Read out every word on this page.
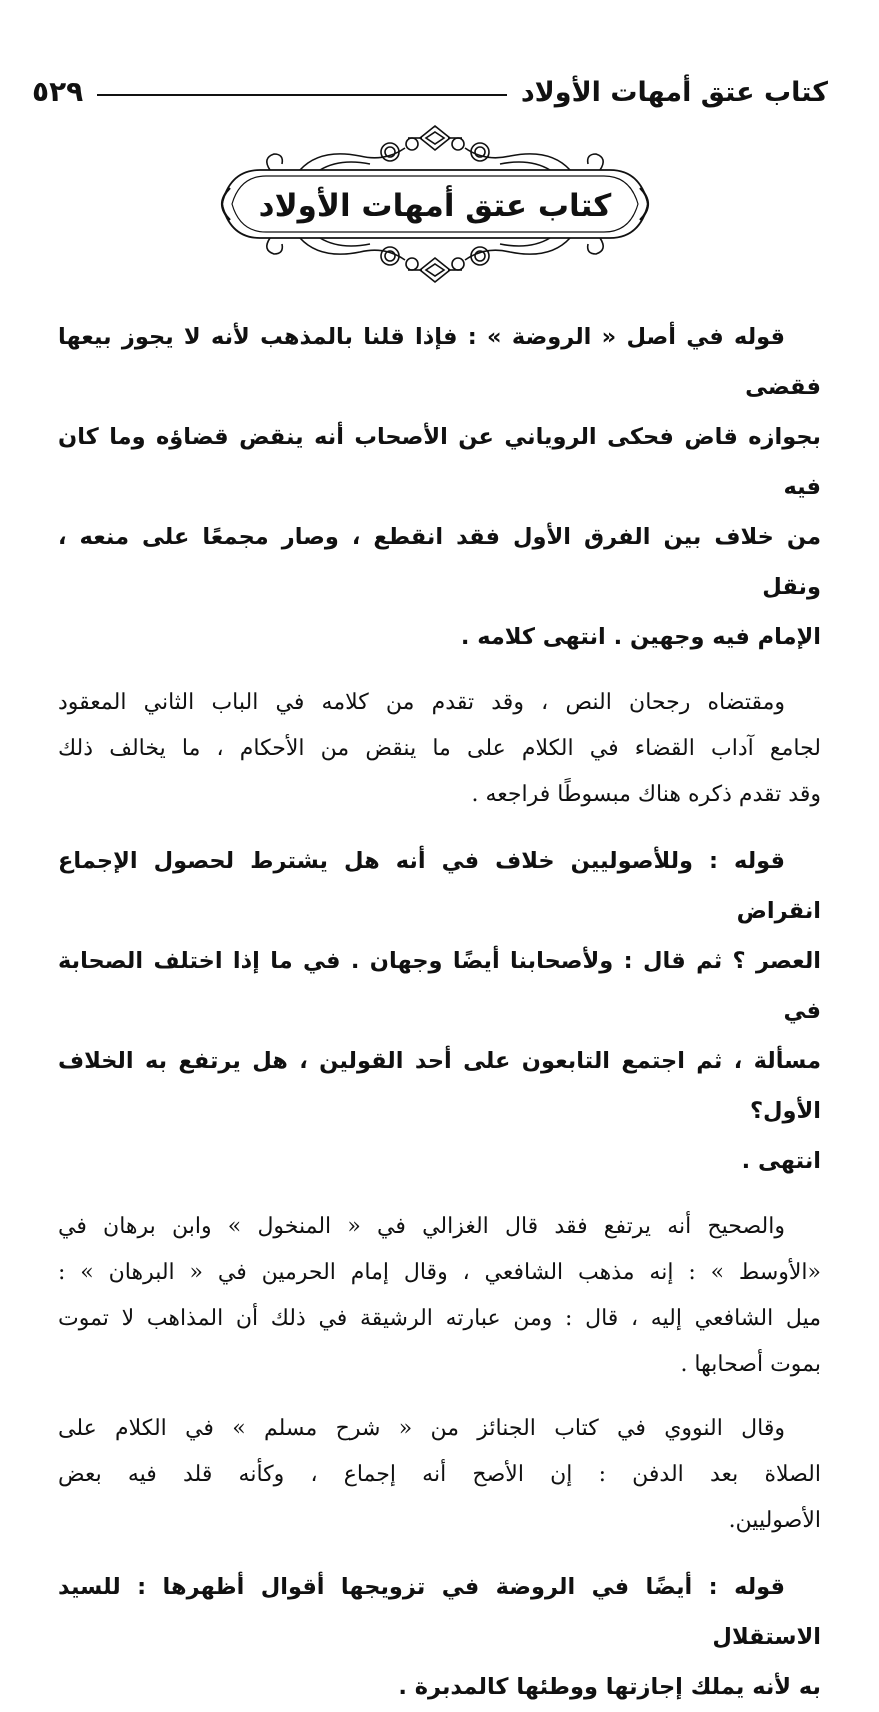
كتاب عتق أمهات الأولاد
٥٢٩
كتاب عتق أمهات الأولاد

قوله في أصل « الروضة » : فإذا قلنا بالمذهب لأنه لا يجوز بيعها فقضى
بجوازه قاض فحكى الروياني عن الأصحاب أنه ينقض قضاؤه وما كان فيه
من خلاف بين الفرق الأول فقد انقطع ، وصار مجمعًا على منعه ، ونقل
الإمام فيه وجهين . انتهى كلامه .

ومقتضاه رجحان النص ، وقد تقدم من كلامه في الباب الثاني المعقود
لجامع آداب القضاء في الكلام على ما ينقض من الأحكام ، ما يخالف ذلك
وقد تقدم ذكره هناك مبسوطًا فراجعه .

قوله : وللأصوليين خلاف في أنه هل يشترط لحصول الإجماع انقراض
العصر ؟ ثم قال : ولأصحابنا أيضًا وجهان . في ما إذا اختلف الصحابة في
مسألة ، ثم اجتمع التابعون على أحد القولين ، هل يرتفع به الخلاف الأول؟
انتهى .

والصحيح أنه يرتفع فقد قال الغزالي في « المنخول » وابن برهان في
«الأوسط » : إنه مذهب الشافعي ، وقال إمام الحرمين في « البرهان » :
ميل الشافعي إليه ، قال : ومن عبارته الرشيقة في ذلك أن المذاهب لا تموت
بموت أصحابها .

وقال النووي في كتاب الجنائز من « شرح مسلم » في الكلام على
الصلاة بعد الدفن : إن الأصح أنه إجماع ، وكأنه قلد فيه بعض
الأصوليين.

قوله : أيضًا في الروضة في تزويجها أقوال أظهرها : للسيد الاستقلال
به لأنه يملك إجازتها ووطئها كالمدبرة .
